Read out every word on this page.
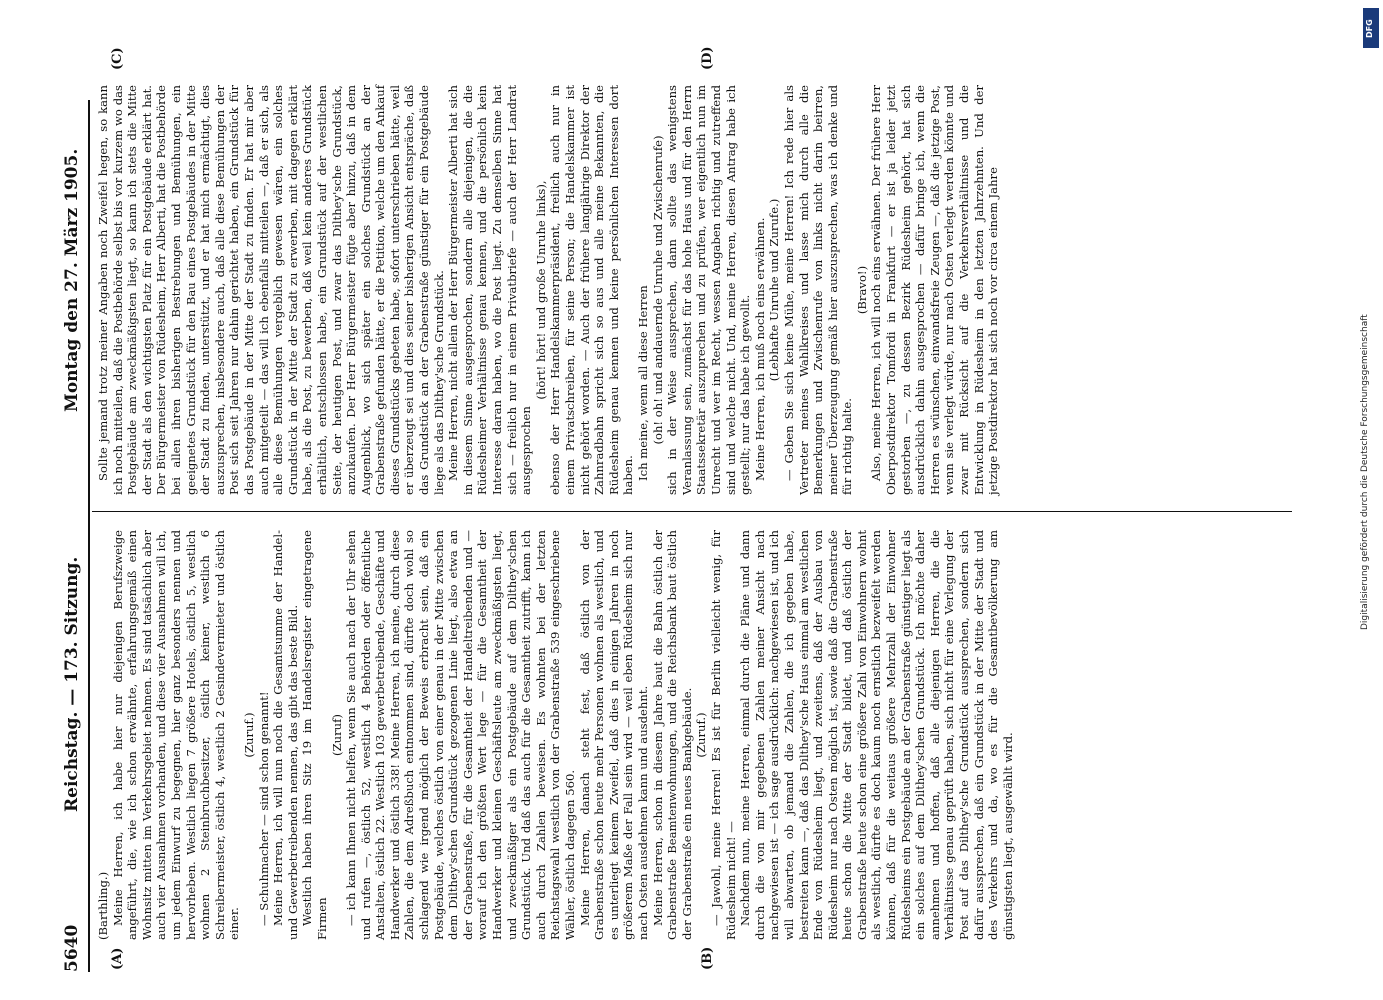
5640
Reichstag. — 173. Sitzung.
Montag den 27. März 1905.
(A)	(B)
(C)	(D)

(Barthling.) Meine Herren, ich habe hier nur diejenigen Berufszweige angeführt, die, wie ich schon erwähnte, erfahrungsgemäß einen Wohnsitz mitten im Verkehrsgebiet nehmen. Es sind tatsächlich aber auch vier Ausnahmen vorhanden, und diese vier Ausnahmen will ich, um jedem Einwurf zu begegnen, hier ganz besonders nennen und hervorheben. Westlich liegen 7 größere Hotels, östlich 5, westlich wohnen 2 Steinbruchbesitzer, östlich keiner, westlich 6 Schreibermeister, östlich 4, westlich 2 Gesindevermieter und östlich einer.

(Zuruf.) — Schuhmacher — sind schon genannt! Meine Herren, ich will nun noch die Gesamtsumme der Handel- und Gewerbetreibenden nennen, das gibt das beste Bild. Westlich haben ihren Sitz 19 im Handelsregister eingetragene Firmen

(Zuruf) — ich kann Ihnen nicht helfen, wenn Sie auch nach der Uhr sehen und rufen —, östlich 52, westlich 4 Behörden oder öffentliche Anstalten, östlich 22. Westlich 103 gewerbetreibende, Geschäfte und Handwerker und östlich 338! Meine Herren, ich meine, durch diese Zahlen, die dem Adreßbuch entnommen sind, dürfte doch wohl so schlagend wie irgend möglich der Beweis erbracht sein, daß ein Postgebäude, welches östlich von einer genau in der Mitte zwischen dem Dilthey'schen Grundstück gezogenen Linie liegt, also etwa an der Grabenstraße, für die Gesamtheit der Handeltreibenden und — worauf ich den größten Wert lege — für die Gesamtheit der Handwerker und kleinen Geschäftsleute am zweckmäßigsten liegt, und zweckmäßiger als ein Postgebäude auf dem Dilthey'schen Grundstück. Und daß das auch für die Gesamtheit zutrifft, kann ich auch durch Zahlen beweisen. Es wohnten bei der letzten Reichstagswahl westlich von der Grabenstraße 539 eingeschriebene Wähler, östlich dagegen 560. Meine Herren, danach steht fest, daß östlich von der Grabenstraße schon heute mehr Personen wohnen als westlich, und es unterliegt keinem Zweifel, daß dies in einigen Jahren in noch größerem Maße der Fall sein wird — weil eben Rüdesheim sich nur nach Osten ausdehnen kann und ausdehnt. Meine Herren, schon in diesem Jahre baut die Bahn östlich der Grabenstraße Beamtenwohnungen, und die Reichsbank baut östlich der Grabenstraße ein neues Bankgebäude. (Zuruf.) — Jawohl, meine Herren! Es ist für Berlin vielleicht wenig, für Rüdesheim nicht! — Nachdem nun, meine Herren, einmal durch die Pläne und dann durch die von mir gegebenen Zahlen meiner Ansicht nach nachgewiesen ist — ich sage ausdrücklich: nachgewiesen ist, und ich will abwarten, ob jemand die Zahlen, die ich gegeben habe, bestreiten kann —, daß das Dilthey'sche Haus einmal am westlichen Ende von Rüdesheim liegt, und zweitens, daß der Ausbau von Rüdesheim nur nach Osten möglich ist, sowie daß die Grabenstraße heute schon die Mitte der Stadt bildet, und daß östlich der Grabenstraße heute schon eine größere Zahl von Einwohnern wohnt als westlich, dürfte es doch kaum noch ernstlich bezweifelt werden können, daß für die weitaus größere Mehrzahl der Einwohner Rüdesheims ein Postgebäude an der Grabenstraße günstiger liegt als ein solches auf dem Dilthey'schen Grundstück. Ich möchte daher annehmen und hoffen, daß alle diejenigen Herren, die die Verhältnisse genau geprüft haben, sich nicht für eine Verlegung der Post auf das Dilthey'sche Grundstück aussprechen, sondern sich dafür aussprechen, daß ein Grundstück in der Mitte der Stadt und des Verkehrs und da, wo es für die Gesamtbevölkerung am günstigsten liegt, ausgewählt wird.

Sollte jemand trotz meiner Angaben noch Zweifel hegen, so kann ich noch mitteilen, daß die Postbehörde selbst bis vor kurzem wo das Postgebäude am zweckmäßigsten liegt, so kann ich stets die Mitte der Stadt als den wichtigsten Platz für ein Postgebäude erklärt hat. Der Bürgermeister von Rüdesheim, Herr Alberti, hat die Postbehörde bei allen ihren bisherigen Bestrebungen und Bemühungen, ein geeignetes Grundstück für den Bau eines Postgebäudes in der Mitte der Stadt zu finden, unterstützt, und er hat mich ermächtigt, dies auszusprechen, insbesondere auch, daß alle diese Bemühungen der Post sich seit Jahren nur dahin gerichtet haben, ein Grundstück für das Postgebäude in der Mitte der Stadt zu finden. Er hat mir aber auch mitgeteilt — das will ich ebenfalls mitteilen —, daß er sich, als alle diese Bemühungen vergeblich gewesen wären, ein solches Grundstück in der Mitte der Stadt zu erwerben, mit dagegen erklärt habe, als die Post, zu bewerben, daß weil kein anderes Grundstück erhältlich, entschlossen habe, ein Grundstück auf der westlichen Seite, der heutigen Post, und zwar das Dilthey'sche Grundstück, anzukaufen. Der Herr Bürgermeister fügte aber hinzu, daß in dem Augenblick, wo sich später ein solches Grundstück an der Grabenstraße gefunden hätte, er die Petition, welche um den Ankauf dieses Grundstücks gebeten habe, sofort unterschrieben hätte, weil er überzeugt sei und dies seiner bisherigen Ansicht entspräche, daß das Grundstück an der Grabenstraße günstiger für ein Postgebäude liege als das Dilthey'sche Grundstück. Meine Herren, nicht allein der Herr Bürgermeister Alberti hat sich in diesem Sinne ausgesprochen, sondern alle diejenigen, die die Rüdesheimer Verhältnisse genau kennen, und die persönlich kein Interesse daran haben, wo die Post liegt. Zu demselben Sinne hat sich — freilich nur in einem Privatbriefe — auch der Herr Landrat ausgesprochen

(hört! hört! und große Unruhe links), ebenso der Herr Handelskammerpräsident, freilich auch nur in einem Privatschreiben, für seine Person; die Handelskammer ist nicht gehört worden. — Auch der frühere langjährige Direktor der Zahnradbahn spricht sich so aus und alle meine Bekannten, die Rüdesheim genau kennen und keine persönlichen Interessen dort haben. Ich meine, wenn all diese Herren (oh! oh! und andauernde Unruhe und Zwischenrufe) sich in der Weise aussprechen, dann sollte das wenigstens Veranlassung sein, zumächst für das hohe Haus und für den Herrn Staatssekretär auszuprechen und zu prüfen, wer eigentlich nun im Unrecht und wer im Recht, wessen Angaben richtig und zutreffend sind und welche nicht. Und, meine Herren, diesen Antrag habe ich gestellt; nur das habe ich gewollt. Meine Herren, ich muß noch eins erwähnen. (Lebhafte Unruhe und Zurufe.) — Geben Sie sich keine Mühe, meine Herren! Ich rede hier als Vertreter meines Wahlkreises und lasse mich durch alle die Bemerkungen und Zwischenrufe von links nicht darin beirren, meiner Überzeugung gemäß hier auszusprechen, was ich denke und für richtig halte.

(Bravo!) Also, meine Herren, ich will noch eins erwähnen. Der frühere Herr Oberpostdirektor Tomfordi in Frankfurt — er ist ja leider jetzt gestorben —, zu dessen Bezirk Rüdesheim gehört, hat sich ausdrücklich dahin ausgesprochen — dafür bringe ich, wenn die Herren es wünschen, einwandsfreie Zeugen —, daß die jetzige Post, wenn sie verlegt würde, nur nach Osten verlegt werden könnte und zwar mit Rücksicht auf die Verkehrsverhältnisse und die Entwicklung in Rüdesheim in den letzten Jahrzehnten. Und der jetzige Postdirektor hat sich noch vor circa einem Jahre

DFG
Digitalisierung gefördert durch die Deutsche Forschungsgemeinschaft
